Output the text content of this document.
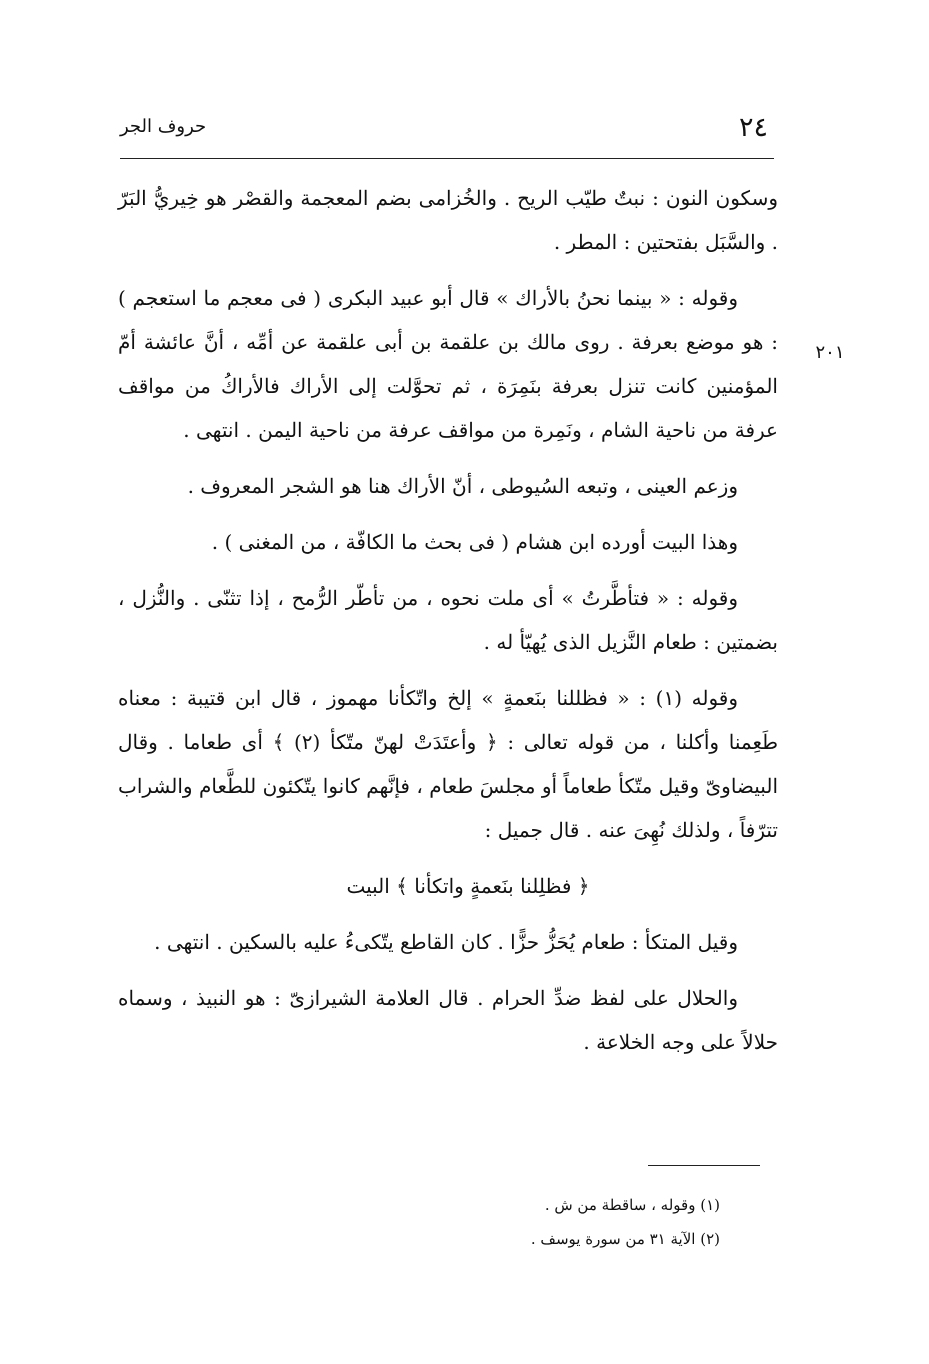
٢٤
حروف الجر
٢٠١

وسكون النون : نبتٌ طيّب الريح . والخُزامى بضم المعجمة والقصْر هو خِيريُّ البَرّ . والسَّبَل بفتحتين : المطر .

وقوله : « بينما نحنُ بالأراك » قال أبو عبيد البكرى ( فى معجم ما استعجم ) : هو موضع بعرفة . روى مالك بن علقمة بن أبى علقمة عن أمِّه ، أنَّ عائشة أمّ المؤمنين كانت تنزل بعرفة بنَمِرَة ، ثم تحوَّلت إلى الأراك فالأراكُ من مواقف عرفة من ناحية الشام ، ونَمِرة من مواقف عرفة من ناحية اليمن . انتهى .

وزعم العينى ، وتبعه السُيوطى ، أنّ الأراك هنا هو الشجر المعروف .

وهذا البيت أورده ابن هشام ( فى بحث ما الكافّة ، من المغنى ) .

وقوله : « فتأطَّرتُ » أى ملت نحوه ، من تأطّر الرُّمح ، إذا تثنّى . والنُّزل ، بضمتين : طعام النَّزيل الذى يُهيّأ له .

وقوله (١) : « فظللنا بنَعمةٍ » إلخ واتّكأنا مهموز ، قال ابن قتيبة : معناه طَعِمنا وأكلنا ، من قوله تعالى : ﴿ وأعتَدَتْ لهنّ متّكأ (٢) ﴾ أى طعاما . وقال البيضاوىّ وقيل متّكأ طعاماً أو مجلسَ طعام ، فإنَّهم كانوا يتّكئون للطَّعام والشراب تترّفاً ، ولذلك نُهِىَ عنه . قال جميل :

﴿ فظلِلنا بنَعمةٍ واتكأنا ﴾ البيت

وقيل المتكأ : طعام يُحَزُّ حزًّا . كان القاطع يتّكىءُ عليه بالسكين . انتهى .

والحلال على لفظ ضدِّ الحرام . قال العلامة الشيرازىّ : هو النبيذ ، وسماه حلالاً على وجه الخلاعة .

(١) وقوله ، ساقطة من ش .

(٢) الآية ٣١ من سورة يوسف .
